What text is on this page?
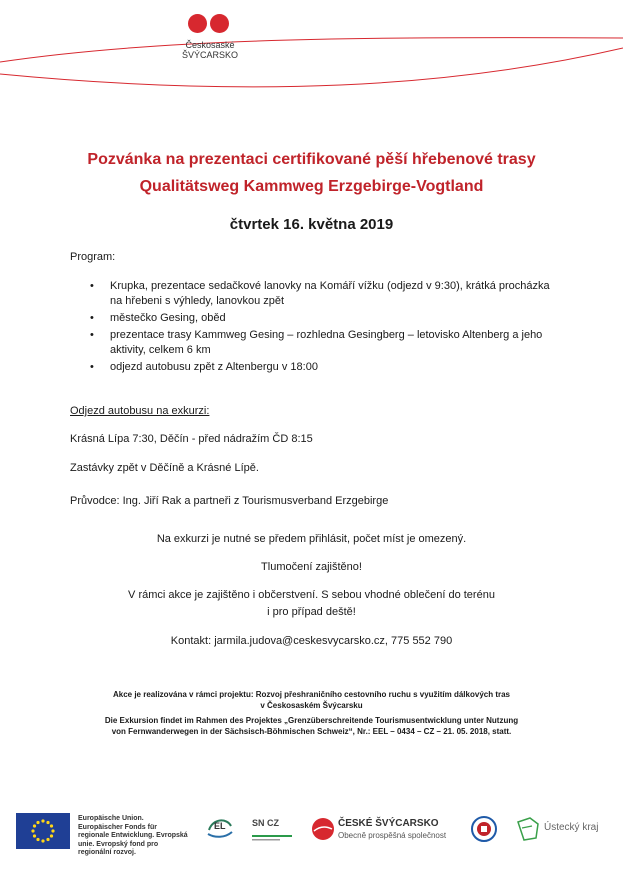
Českosaské
ŠVÝCARSKO
Pozvánka na prezentaci certifikované pěší hřebenové trasy
Qualitätsweg Kammweg Erzgebirge-Vogtland
čtvrtek 16. května 2019
Program:
• Krupka, prezentace sedačkové lanovky na Komáří vížku (odjezd v 9:30), krátká procházka na hřebeni s výhledy, lanovkou zpět
• městečko Gesing, oběd
• prezentace trasy Kammweg Gesing – rozhledna Gesingberg – letovisko Altenberg a jeho aktivity, celkem 6 km
• odjezd autobusu zpět z Altenbergu v 18:00
Odjezd autobusu na exkurzi:
Krásná Lípa 7:30, Děčín - před nádražím ČD 8:15
Zastávky zpět v Děčíně a Krásné Lípě.
Průvodce: Ing. Jiří Rak a partneři z Tourismusverband Erzgebirge
Na exkurzi je nutné se předem přihlásit, počet míst je omezený.
Tlumočení zajištěno!
V rámci akce je zajištěno i občerstvení. S sebou vhodné oblečení do terénu
i pro případ deště!
Kontakt: jarmila.judova@ceskesvycarsko.cz, 775 552 790
Akce je realizována v rámci projektu: Rozvoj přeshraničního cestovního ruchu s využitím dálkových tras
v Českosaském Švýcarsku
Die Exkursion findet im Rahmen des Projektes „Grenzüberschreitende Tourismusentwicklung unter Nutzung
von Fernwanderwegen in der Sächsisch-Böhmischen Schweiz“, Nr.: EEL – 0434 – CZ – 21. 05. 2018, statt.
Europäische Union. Europäischer Fonds für regionale Entwicklung. Evropská unie. Evropský fond pro regionální rozvoj.
EL	SN CZ	ČESKÉ ŠVÝCARSKO
Obecně prospěšná společnost
Ústecký kraj
